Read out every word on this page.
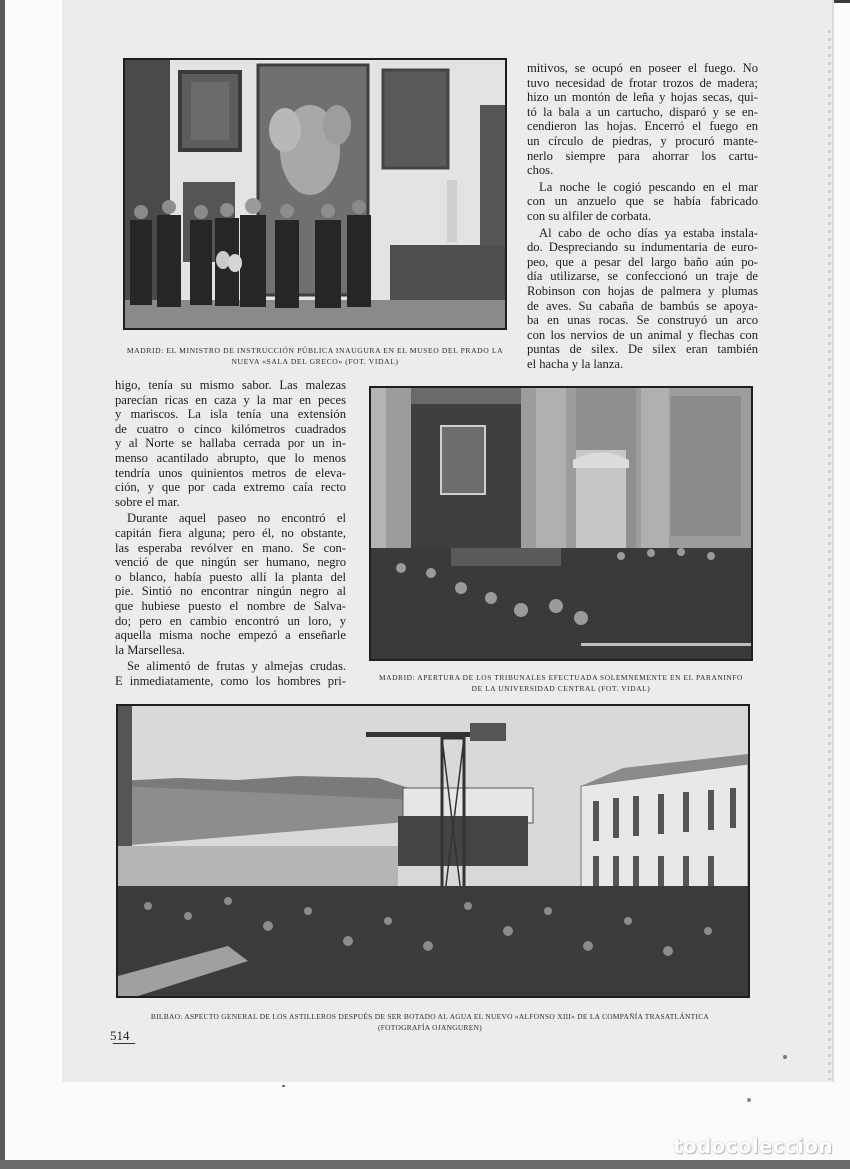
MADRID: EL MINISTRO DE INSTRUCCIÓN PÚBLICA INAUGURA EN EL MUSEO DEL PRADO LA
NUEVA «SALA DEL GRECO» (FOT. VIDAL)
mitivos, se ocupó en poseer el fuego. No
tuvo necesidad de frotar trozos de madera;
hizo un montón de leña y hojas secas, qui-
tó la bala a un cartucho, disparó y se en-
cendieron las hojas. Encerró el fuego en
un círculo de piedras, y procuró mante-
nerlo siempre para ahorrar los cartu-
chos.
La noche le cogió pescando en el mar
con un anzuelo que se había fabricado
con su alfiler de corbata.
Al cabo de ocho días ya estaba instala-
do. Despreciando su indumentaria de euro-
peo, que a pesar del largo baño aún po-
día utilizarse, se confeccionó un traje de
Robinson con hojas de palmera y plumas
de aves. Su cabaña de bambús se apoya-
ba en unas rocas. Se construyó un arco
con los nervios de un animal y flechas con
puntas de silex. De silex eran también
el hacha y la lanza.
higo, tenía su mismo sabor. Las malezas
parecían ricas en caza y la mar en peces
y mariscos. La isla tenía una extensión
de cuatro o cinco kilómetros cuadrados
y al Norte se hallaba cerrada por un in-
menso acantilado abrupto, que lo menos
tendría unos quinientos metros de eleva-
ción, y que por cada extremo caía recto
sobre el mar.
Durante aquel paseo no encontró el
capitán fiera alguna; pero él, no obstante,
las esperaba revólver en mano. Se con-
venció de que ningún ser humano, negro
o blanco, había puesto allí la planta del
pie. Sintió no encontrar ningún negro al
que hubiese puesto el nombre de Salva-
do; pero en cambio encontró un loro, y
aquella misma noche empezó a enseñarle
la Marsellesa.
Se alimentó de frutas y almejas crudas.
E inmediatamente, como los hombres pri-	MADRID: APERTURA DE LOS TRIBUNALES EFECTUADA SOLEMNEMENTE EN EL PARANINFO
DE LA UNIVERSIDAD CENTRAL (FOT. VIDAL)
BILBAO: ASPECTO GENERAL DE LOS ASTILLEROS DESPUÉS DE SER BOTADO AL AGUA EL NUEVO «ALFONSO XIII» DE LA COMPAÑÍA TRASATLÁNTICA
(FOTOGRAFÍA OJANGUREN)
514
todocoleccion
